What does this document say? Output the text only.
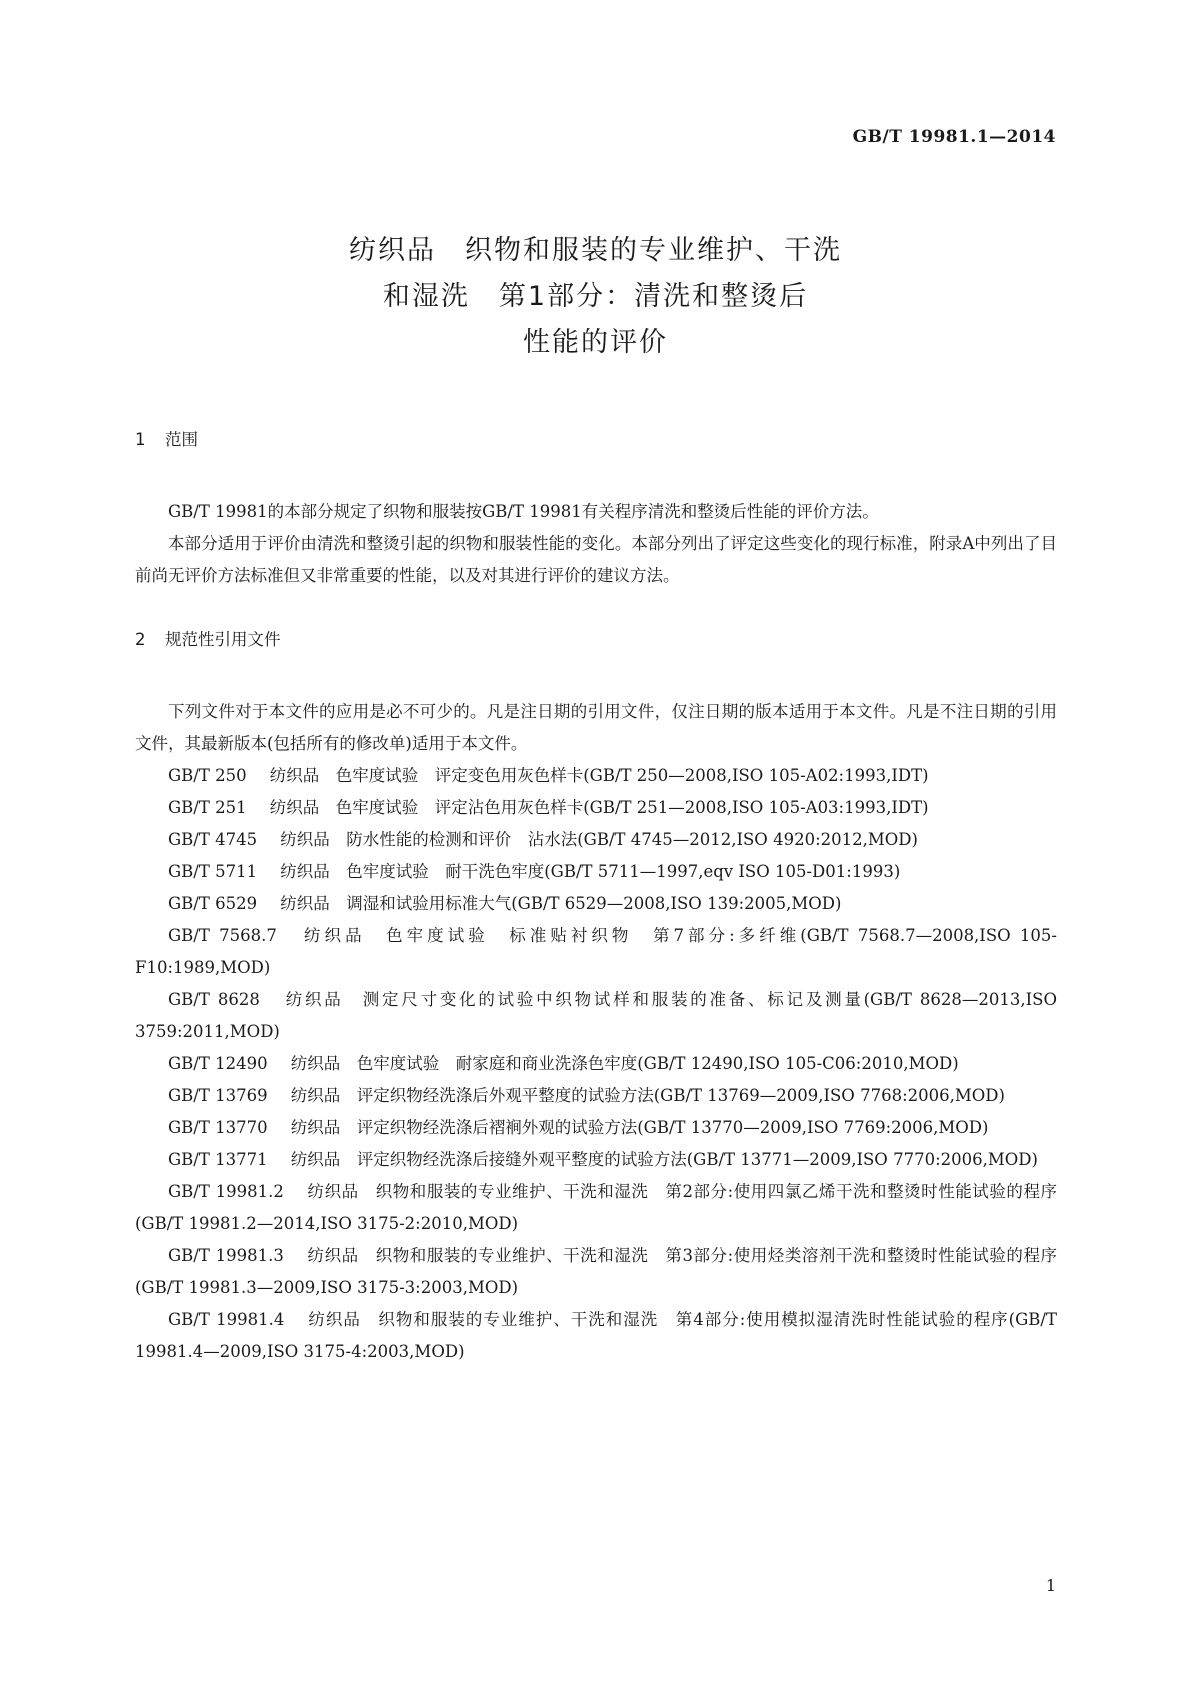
GB/T 19981.1—2014
纺织品　织物和服装的专业维护、干洗
和湿洗　第1部分：清洗和整烫后
性能的评价
1 范围

GB/T 19981的本部分规定了织物和服装按GB/T 19981有关程序清洗和整烫后性能的评价方法。

本部分适用于评价由清洗和整烫引起的织物和服装性能的变化。本部分列出了评定这些变化的现行标准，附录A中列出了目前尚无评价方法标准但又非常重要的性能，以及对其进行评价的建议方法。

2 规范性引用文件

下列文件对于本文件的应用是必不可少的。凡是注日期的引用文件，仅注日期的版本适用于本文件。凡是不注日期的引用文件，其最新版本(包括所有的修改单)适用于本文件。

GB/T 250 纺织品　色牢度试验　评定变色用灰色样卡(GB/T 250—2008,ISO 105-A02:1993,IDT)

GB/T 251 纺织品　色牢度试验　评定沾色用灰色样卡(GB/T 251—2008,ISO 105-A03:1993,IDT)

GB/T 4745 纺织品　防水性能的检测和评价　沾水法(GB/T 4745—2012,ISO 4920:2012,MOD)

GB/T 5711 纺织品　色牢度试验　耐干洗色牢度(GB/T 5711—1997,eqv ISO 105-D01:1993)

GB/T 6529 纺织品　调湿和试验用标准大气(GB/T 6529—2008,ISO 139:2005,MOD)

GB/T 7568.7 纺织品　色牢度试验　标准贴衬织物　第7部分:多纤维(GB/T 7568.7—2008,ISO 105-F10:1989,MOD)

GB/T 8628 纺织品　测定尺寸变化的试验中织物试样和服装的准备、标记及测量(GB/T 8628—2013,ISO 3759:2011,MOD)

GB/T 12490 纺织品　色牢度试验　耐家庭和商业洗涤色牢度(GB/T 12490,ISO 105-C06:2010,MOD)

GB/T 13769 纺织品　评定织物经洗涤后外观平整度的试验方法(GB/T 13769—2009,ISO 7768:2006,MOD)

GB/T 13770 纺织品　评定织物经洗涤后褶裥外观的试验方法(GB/T 13770—2009,ISO 7769:2006,MOD)

GB/T 13771 纺织品　评定织物经洗涤后接缝外观平整度的试验方法(GB/T 13771—2009,ISO 7770:2006,MOD)

GB/T 19981.2 纺织品　织物和服装的专业维护、干洗和湿洗　第2部分:使用四氯乙烯干洗和整烫时性能试验的程序(GB/T 19981.2—2014,ISO 3175-2:2010,MOD)

GB/T 19981.3 纺织品　织物和服装的专业维护、干洗和湿洗　第3部分:使用烃类溶剂干洗和整烫时性能试验的程序(GB/T 19981.3—2009,ISO 3175-3:2003,MOD)

GB/T 19981.4 纺织品　织物和服装的专业维护、干洗和湿洗　第4部分:使用模拟湿清洗时性能试验的程序(GB/T 19981.4—2009,ISO 3175-4:2003,MOD)

1
